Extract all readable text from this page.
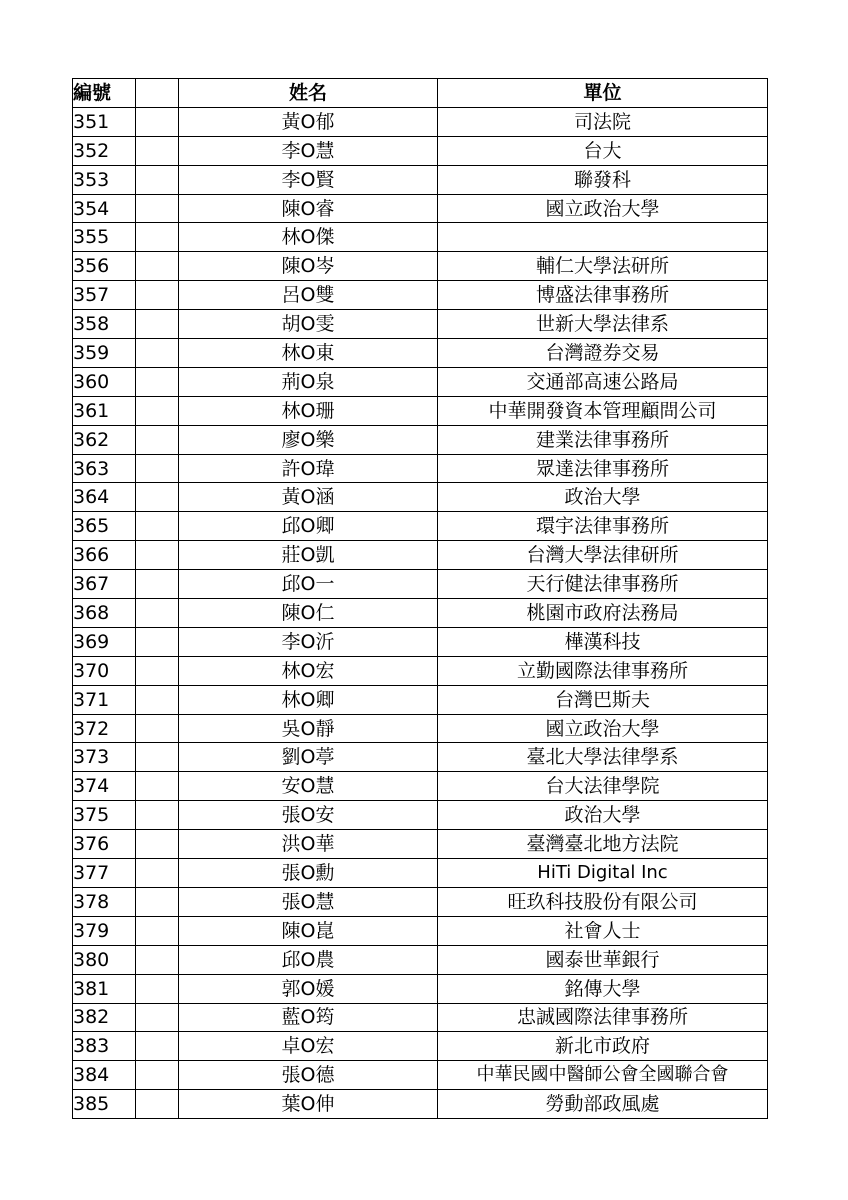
編號		姓名	單位
351		黃O郁	司法院
352		李O慧	台大
353		李O賢	聯發科
354		陳O睿	國立政治大學
355		林O傑	
356		陳O岑	輔仁大學法研所
357		呂O雙	博盛法律事務所
358		胡O雯	世新大學法律系
359		林O東	台灣證券交易
360		荊O泉	交通部高速公路局
361		林O珊	中華開發資本管理顧問公司
362		廖O樂	建業法律事務所
363		許O瑋	眾達法律事務所
364		黃O涵	政治大學
365		邱O卿	環宇法律事務所
366		莊O凱	台灣大學法律研所
367		邱O一	天行健法律事務所
368		陳O仁	桃園市政府法務局
369		李O沂	樺漢科技
370		林O宏	立勤國際法律事務所
371		林O卿	台灣巴斯夫
372		吳O靜	國立政治大學
373		劉O葶	臺北大學法律學系
374		安O慧	台大法律學院
375		張O安	政治大學
376		洪O華	臺灣臺北地方法院
377		張O勳	HiTi Digital Inc
378		張O慧	旺玖科技股份有限公司
379		陳O崑	社會人士
380		邱O農	國泰世華銀行
381		郭O媛	銘傳大學
382		藍O筠	忠誠國際法律事務所
383		卓O宏	新北市政府
384		張O德	中華民國中醫師公會全國聯合會
385		葉O伸	勞動部政風處
